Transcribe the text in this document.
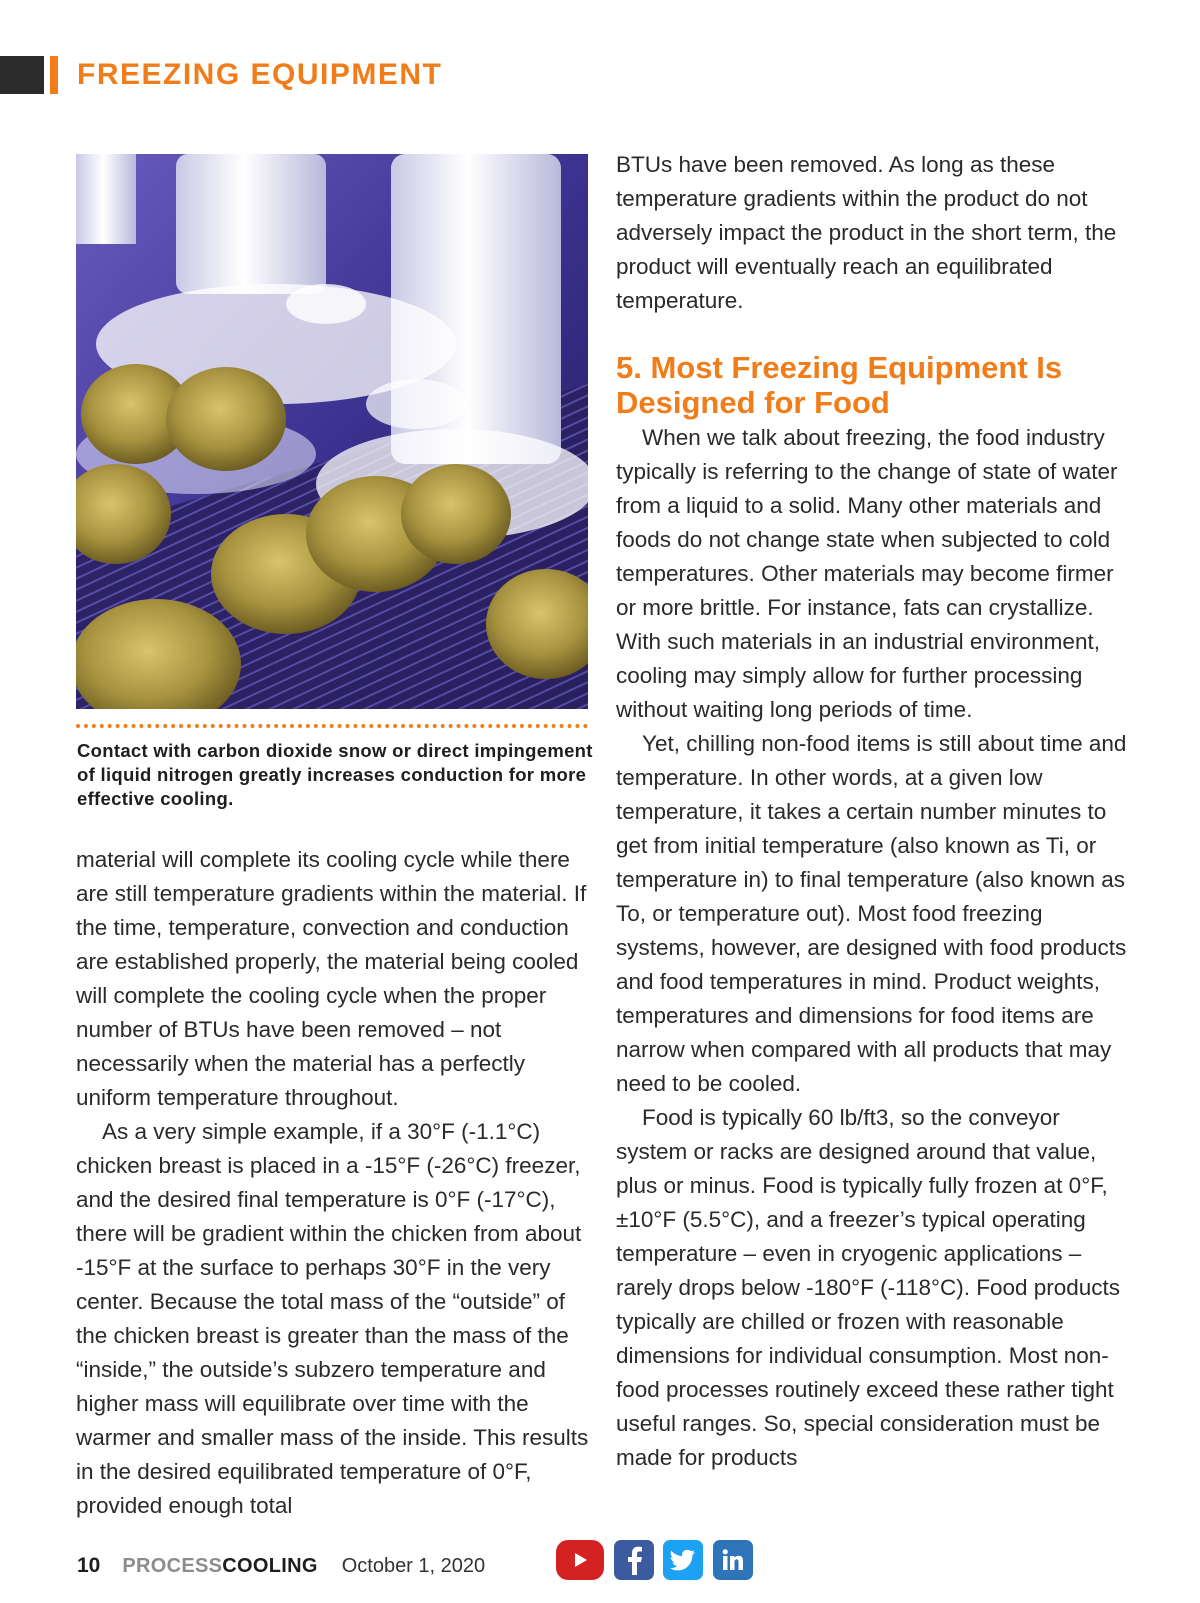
FREEZING EQUIPMENT
Contact with carbon dioxide snow or direct impingement of liquid nitrogen greatly increases conduction for more effective cooling.

material will complete its cooling cycle while there are still temperature gradients within the material. If the time, temperature, convection and conduction are established properly, the material being cooled will complete the cooling cycle when the proper number of BTUs have been removed – not necessarily when the material has a perfectly uniform temperature throughout.

As a very simple example, if a 30°F (-1.1°C) chicken breast is placed in a -15°F (-26°C) freezer, and the desired final temperature is 0°F (-17°C), there will be gradient within the chicken from about -15°F at the surface to perhaps 30°F in the very center. Because the total mass of the “outside” of the chicken breast is greater than the mass of the “inside,” the outside’s subzero temperature and higher mass will equilibrate over time with the warmer and smaller mass of the inside. This results in the desired equilibrated temperature of 0°F, provided enough total

BTUs have been removed. As long as these temperature gradients within the product do not adversely impact the product in the short term, the product will eventually reach an equilibrated temperature.

5. Most Freezing Equipment Is Designed for Food

When we talk about freezing, the food industry typically is referring to the change of state of water from a liquid to a solid. Many other materials and foods do not change state when subjected to cold temperatures. Other materials may become firmer or more brittle. For instance, fats can crystallize. With such materials in an industrial environment, cooling may simply allow for further processing without waiting long periods of time.

Yet, chilling non-food items is still about time and temperature. In other words, at a given low temperature, it takes a certain number minutes to get from initial temperature (also known as Ti, or temperature in) to final temperature (also known as To, or temperature out). Most food freezing systems, however, are designed with food products and food temperatures in mind. Product weights, temperatures and dimensions for food items are narrow when compared with all products that may need to be cooled.

Food is typically 60 lb/ft3, so the conveyor system or racks are designed around that value, plus or minus. Food is typically fully frozen at 0°F, ±10°F (5.5°C), and a freezer’s typical operating temperature – even in cryogenic applications – rarely drops below -180°F (-118°C). Food products typically are chilled or frozen with reasonable dimensions for individual consumption. Most non-food processes routinely exceed these rather tight useful ranges. So, special consideration must be made for products

10 PROCESSCOOLING October 1, 2020
